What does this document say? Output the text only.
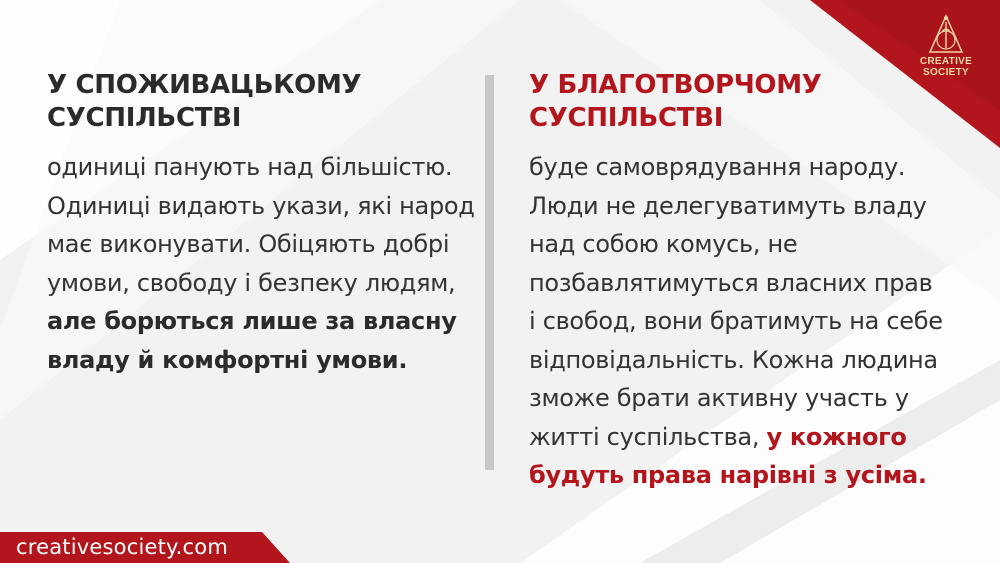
CREATIVE
SOCIETY
У СПОЖИВАЦЬКОМУ
СУСПІЛЬСТВІ
одиниці панують над більшістю.
Одиниці видають укази, які народ
має виконувати. Обіцяють добрі
умови, свободу і безпеку людям,
але борються лише за власну
владу й комфортні умови.
У БЛАГОТВОРЧОМУ
СУСПІЛЬСТВІ
буде самоврядування народу.
Люди не делегуватимуть владу
над собою комусь, не
позбавлятимуться власних прав
і свобод, вони братимуть на себе
відповідальність. Кожна людина
зможе брати активну участь у
житті суспільства, у кожного
будуть права нарівні з усіма.
creativesociety.com
